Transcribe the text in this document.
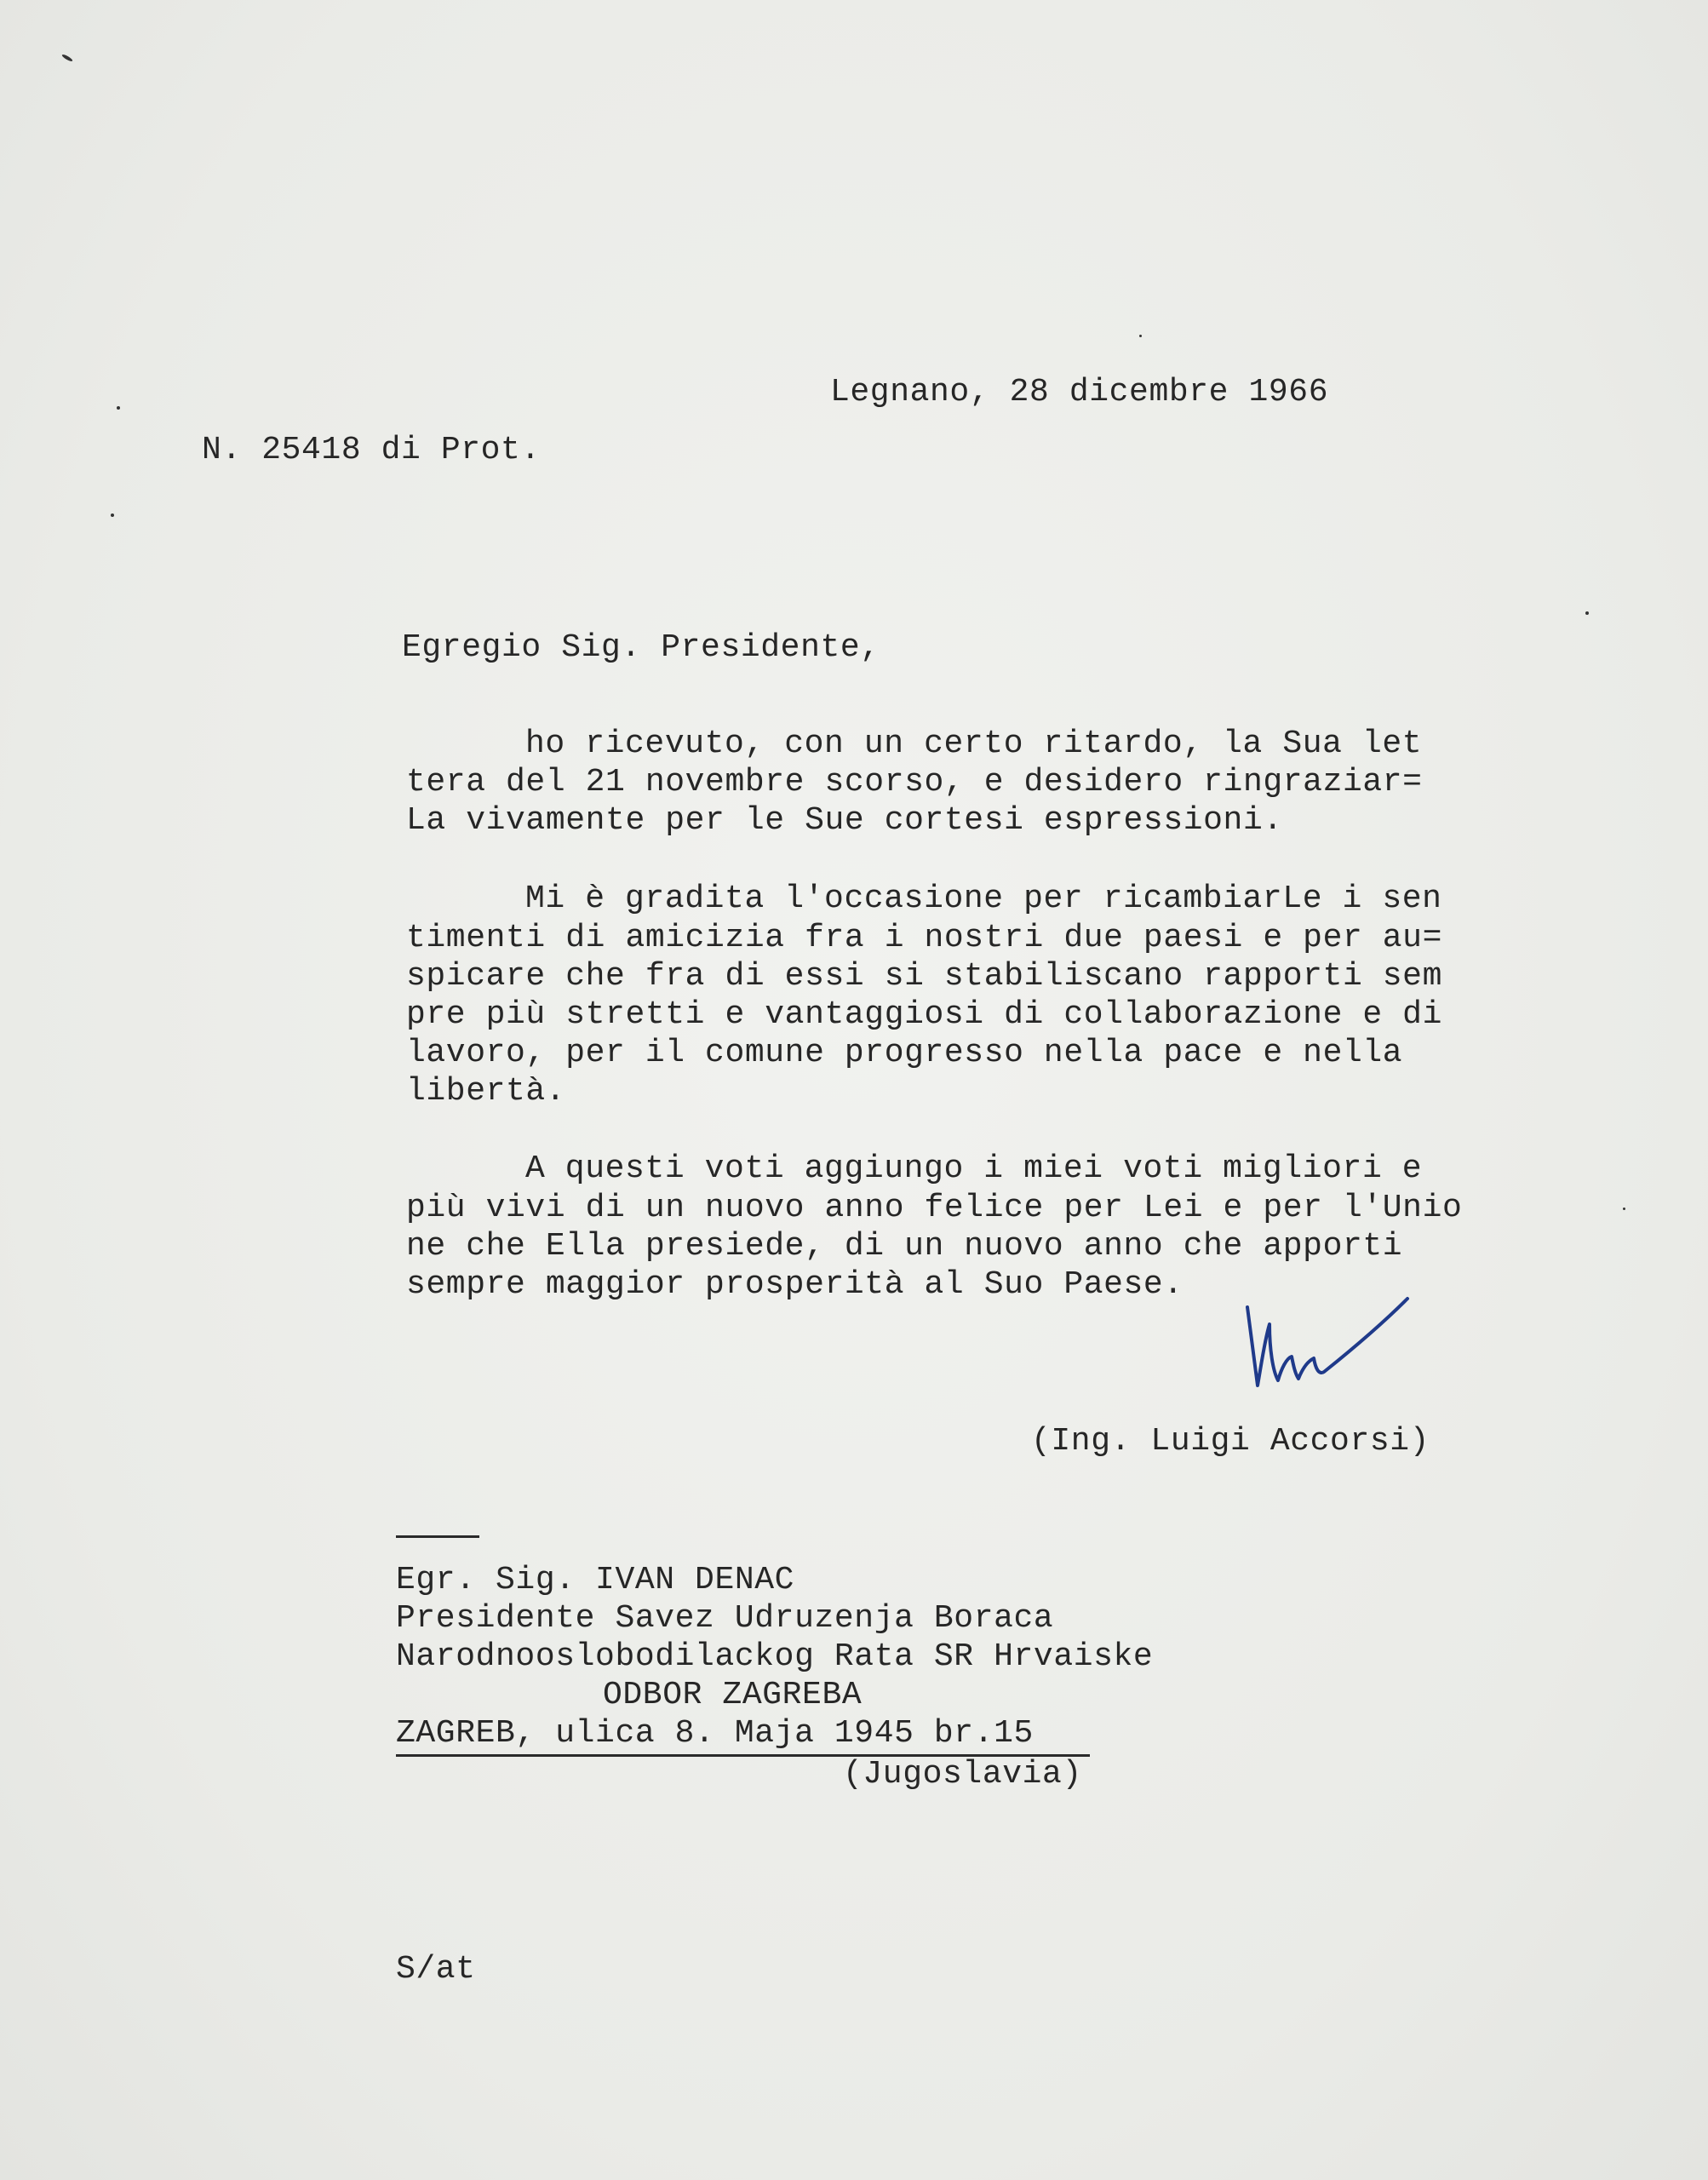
Legnano, 28 dicembre 1966
N. 25418 di Prot.
Egregio Sig. Presidente,
ho ricevuto, con un certo ritardo, la Sua let
tera del 21 novembre scorso, e desidero ringraziar=
La vivamente per le Sue cortesi espressioni.
Mi è gradita l'occasione per ricambiarLe i sen
timenti di amicizia fra i nostri due paesi e per au=
spicare che fra di essi si stabiliscano rapporti sem
pre più stretti e vantaggiosi di collaborazione e di
lavoro, per il comune progresso nella pace e nella
libertà.
A questi voti aggiungo i miei voti migliori e
più vivi di un nuovo anno felice per Lei e per l'Unio
ne che Ella presiede, di un nuovo anno che apporti
sempre maggior prosperità al Suo Paese.
(Ing. Luigi Accorsi)
Egr. Sig. IVAN DENAC
Presidente Savez Udruzenja Boraca
Narodnooslobodilackog Rata SR Hrvaiske
ODBOR ZAGREBA
ZAGREB, ulica 8. Maja 1945 br.15
(Jugoslavia)
S/at
